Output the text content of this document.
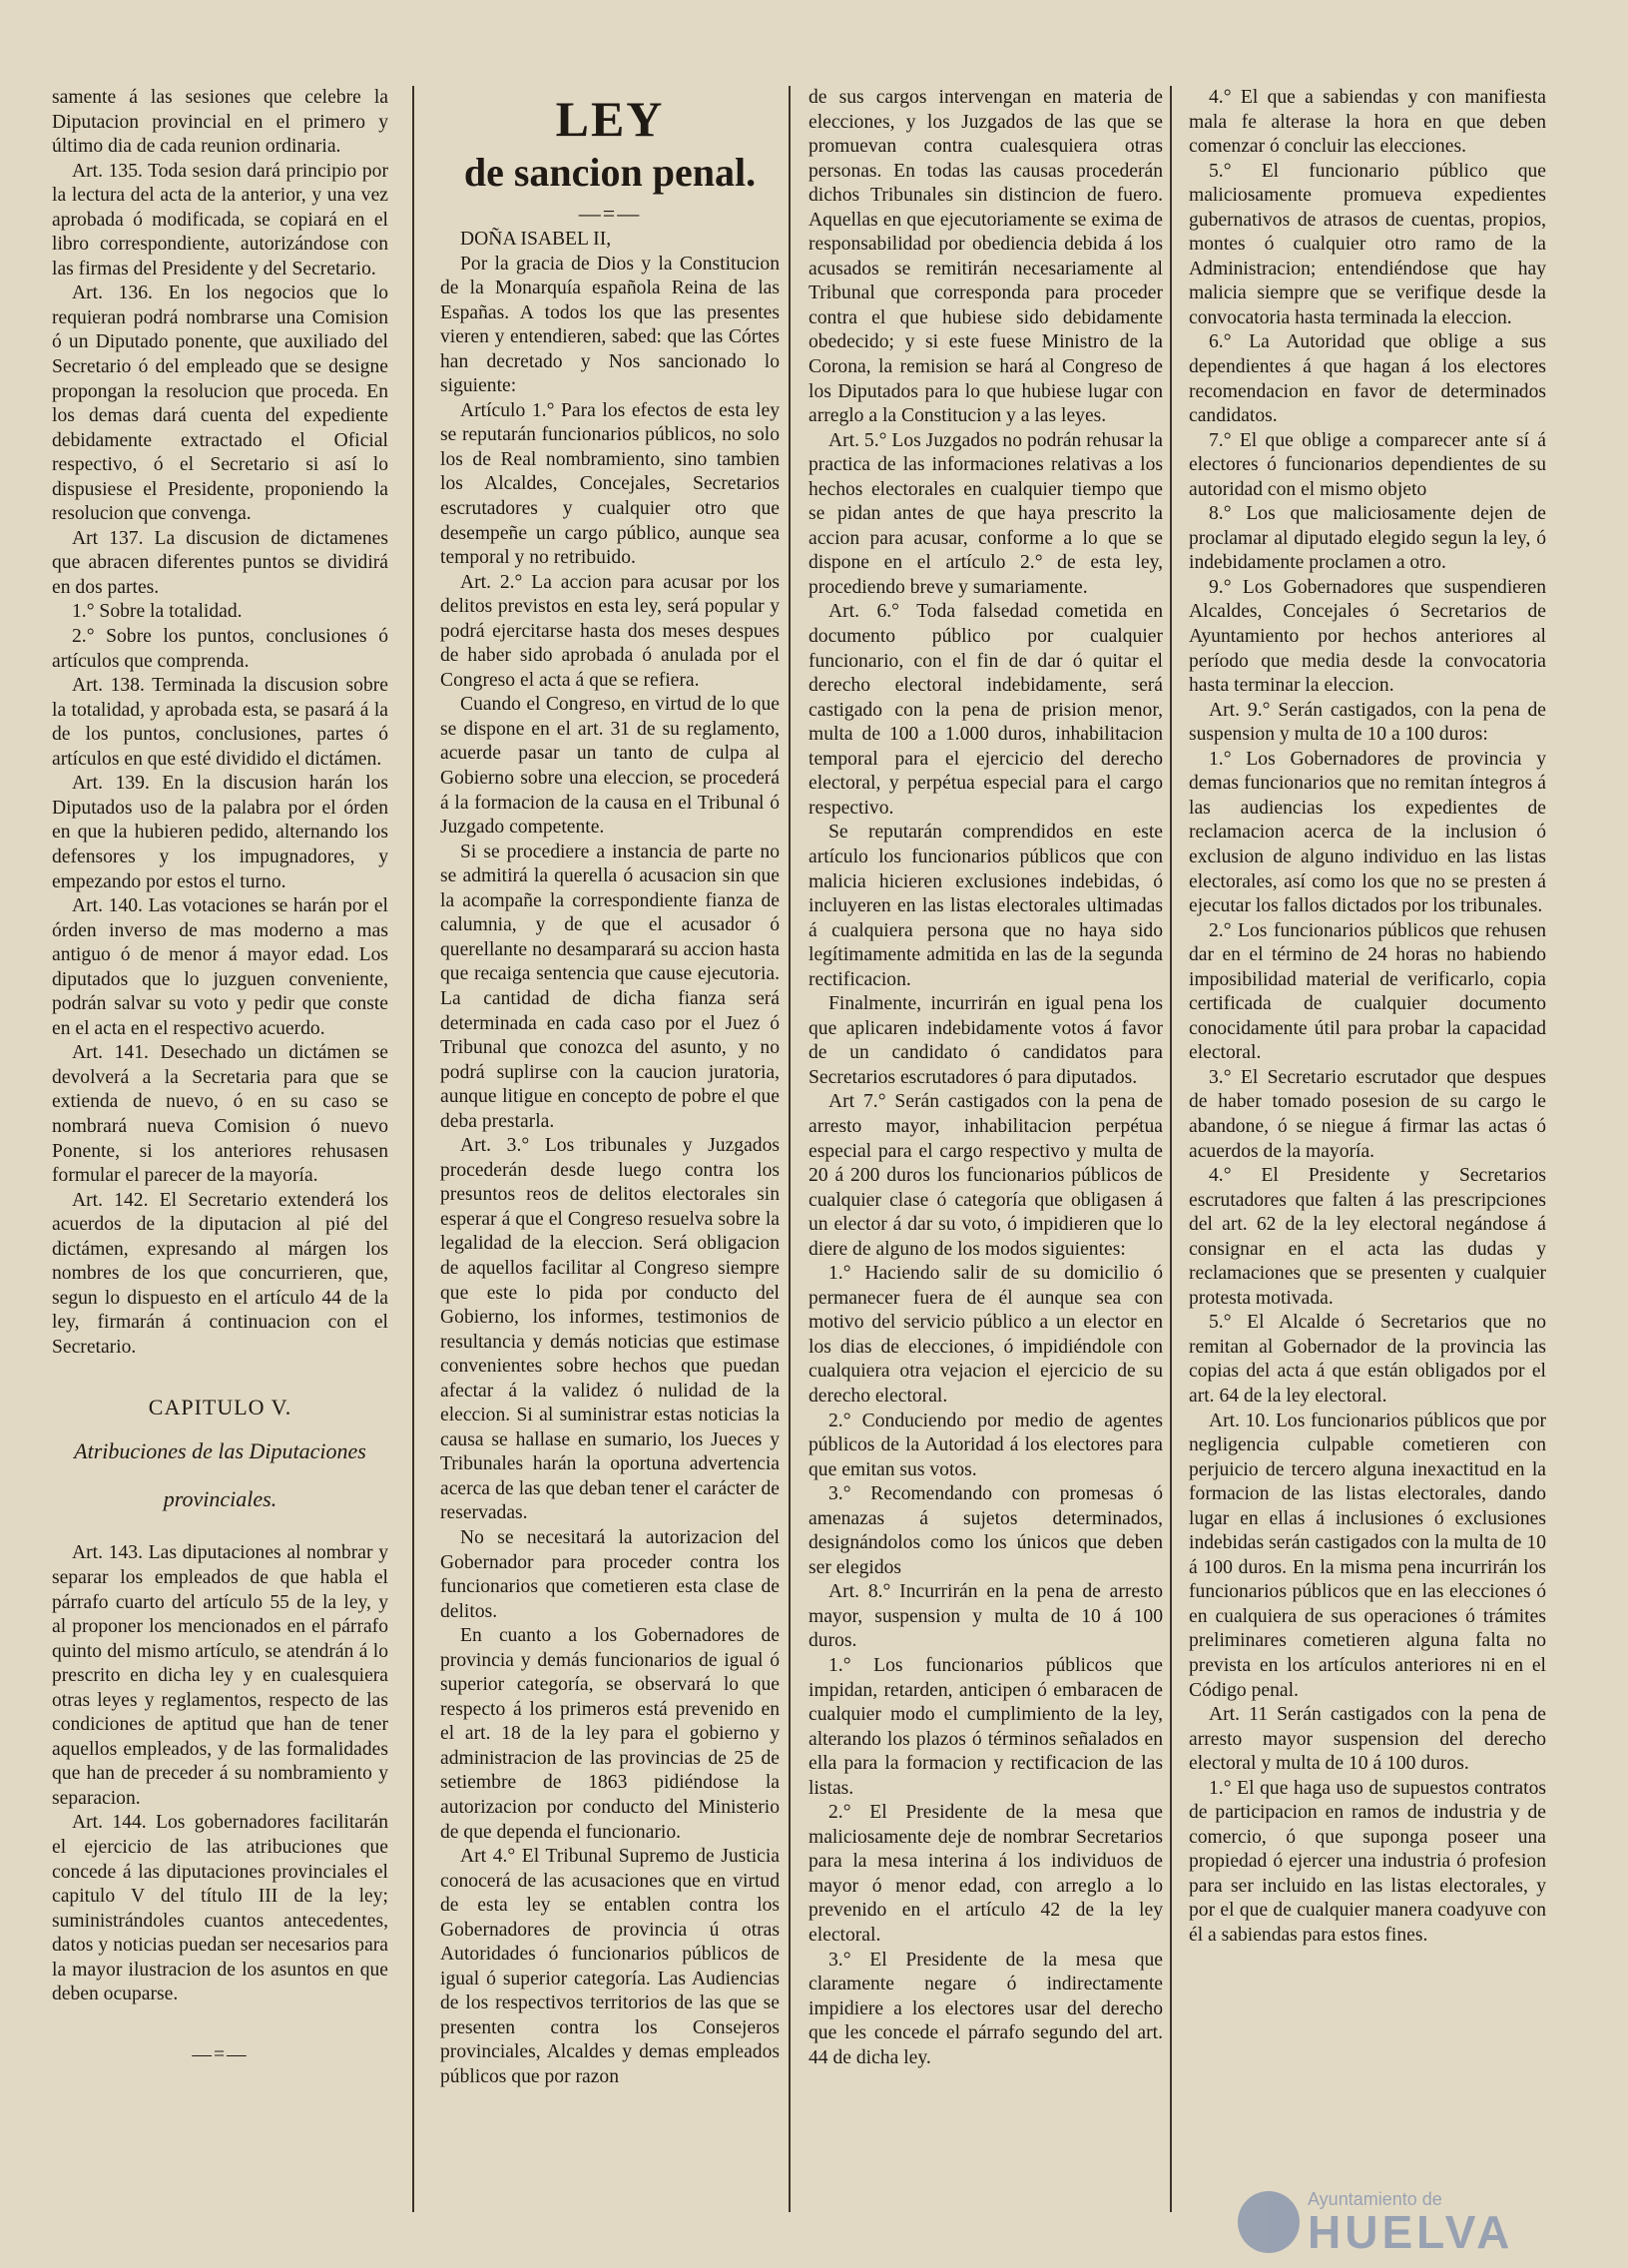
samente á las sesiones que celebre la Diputacion provincial en el primero y último dia de cada reunion ordinaria.

Art. 135. Toda sesion dará principio por la lectura del acta de la anterior, y una vez aprobada ó modificada, se copiará en el libro correspondiente, autorizándose con las firmas del Presidente y del Secretario.

Art. 136. En los negocios que lo requieran podrá nombrarse una Comision ó un Diputado ponente, que auxiliado del Secretario ó del empleado que se designe propongan la resolucion que proceda. En los demas dará cuenta del expediente debidamente extractado el Oficial respectivo, ó el Secretario si así lo dispusiese el Presidente, proponiendo la resolucion que convenga.

Art 137. La discusion de dictamenes que abracen diferentes puntos se dividirá en dos partes.

1.° Sobre la totalidad.

2.° Sobre los puntos, conclusiones ó artículos que comprenda.

Art. 138. Terminada la discusion sobre la totalidad, y aprobada esta, se pasará á la de los puntos, conclusiones, partes ó artículos en que esté dividido el dictámen.

Art. 139. En la discusion harán los Diputados uso de la palabra por el órden en que la hubieren pedido, alternando los defensores y los impugnadores, y empezando por estos el turno.

Art. 140. Las votaciones se harán por el órden inverso de mas moderno a mas antiguo ó de menor á mayor edad. Los diputados que lo juzguen conveniente, podrán salvar su voto y pedir que conste en el acta en el respectivo acuerdo.

Art. 141. Desechado un dictámen se devolverá a la Secretaria para que se extienda de nuevo, ó en su caso se nombrará nueva Comision ó nuevo Ponente, si los anteriores rehusasen formular el parecer de la mayoría.

Art. 142. El Secretario extenderá los acuerdos de la diputacion al pié del dictámen, expresando al márgen los nombres de los que concurrieren, que, segun lo dispuesto en el artículo 44 de la ley, firmarán á continuacion con el Secretario.

CAPITULO V.
Atribuciones de las Diputaciones
provinciales.

Art. 143. Las diputaciones al nombrar y separar los empleados de que habla el párrafo cuarto del artículo 55 de la ley, y al proponer los mencionados en el párrafo quinto del mismo artículo, se atendrán á lo prescrito en dicha ley y en cualesquiera otras leyes y reglamentos, respecto de las condiciones de aptitud que han de tener aquellos empleados, y de las formalidades que han de preceder á su nombramiento y separacion.

Art. 144. Los gobernadores facilitarán el ejercicio de las atribuciones que concede á las diputaciones provinciales el capitulo V del título III de la ley; suministrándoles cuantos antecedentes, datos y noticias puedan ser necesarios para la mayor ilustracion de los asuntos en que deben ocuparse.

—=—
LEY
de sancion penal.
—=—

DOÑA ISABEL II,

Por la gracia de Dios y la Constitucion de la Monarquía española Reina de las Españas. A todos los que las presentes vieren y entendieren, sabed: que las Córtes han decretado y Nos sancionado lo siguiente:

Artículo 1.° Para los efectos de esta ley se reputarán funcionarios públicos, no solo los de Real nombramiento, sino tambien los Alcaldes, Concejales, Secretarios escrutadores y cualquier otro que desempeñe un cargo público, aunque sea temporal y no retribuido.

Art. 2.° La accion para acusar por los delitos previstos en esta ley, será popular y podrá ejercitarse hasta dos meses despues de haber sido aprobada ó anulada por el Congreso el acta á que se refiera.

Cuando el Congreso, en virtud de lo que se dispone en el art. 31 de su reglamento, acuerde pasar un tanto de culpa al Gobierno sobre una eleccion, se procederá á la formacion de la causa en el Tribunal ó Juzgado competente.

Si se procediere a instancia de parte no se admitirá la querella ó acusacion sin que la acompañe la correspondiente fianza de calumnia, y de que el acusador ó querellante no desamparará su accion hasta que recaiga sentencia que cause ejecutoria. La cantidad de dicha fianza será determinada en cada caso por el Juez ó Tribunal que conozca del asunto, y no podrá suplirse con la caucion juratoria, aunque litigue en concepto de pobre el que deba prestarla.

Art. 3.° Los tribunales y Juzgados procederán desde luego contra los presuntos reos de delitos electorales sin esperar á que el Congreso resuelva sobre la legalidad de la eleccion. Será obligacion de aquellos facilitar al Congreso siempre que este lo pida por conducto del Gobierno, los informes, testimonios de resultancia y demás noticias que estimase convenientes sobre hechos que puedan afectar á la validez ó nulidad de la eleccion. Si al suministrar estas noticias la causa se hallase en sumario, los Jueces y Tribunales harán la oportuna advertencia acerca de las que deban tener el carácter de reservadas.

No se necesitará la autorizacion del Gobernador para proceder contra los funcionarios que cometieren esta clase de delitos.

En cuanto a los Gobernadores de provincia y demás funcionarios de igual ó superior categoría, se observará lo que respecto á los primeros está prevenido en el art. 18 de la ley para el gobierno y administracion de las provincias de 25 de setiembre de 1863 pidiéndose la autorizacion por conducto del Ministerio de que dependa el funcionario.

Art 4.° El Tribunal Supremo de Justicia conocerá de las acusaciones que en virtud de esta ley se entablen contra los Gobernadores de provincia ú otras Autoridades ó funcionarios públicos de igual ó superior categoría. Las Audiencias de los respectivos territorios de las que se presenten contra los Consejeros provinciales, Alcaldes y demas empleados públicos que por razon

de sus cargos intervengan en materia de elecciones, y los Juzgados de las que se promuevan contra cualesquiera otras personas. En todas las causas procederán dichos Tribunales sin distincion de fuero. Aquellas en que ejecutoriamente se exima de responsabilidad por obediencia debida á los acusados se remitirán necesariamente al Tribunal que corresponda para proceder contra el que hubiese sido debidamente obedecido; y si este fuese Ministro de la Corona, la remision se hará al Congreso de los Diputados para lo que hubiese lugar con arreglo a la Constitucion y a las leyes.

Art. 5.° Los Juzgados no podrán rehusar la practica de las informaciones relativas a los hechos electorales en cualquier tiempo que se pidan antes de que haya prescrito la accion para acusar, conforme a lo que se dispone en el artículo 2.° de esta ley, procediendo breve y sumariamente.

Art. 6.° Toda falsedad cometida en documento público por cualquier funcionario, con el fin de dar ó quitar el derecho electoral indebidamente, será castigado con la pena de prision menor, multa de 100 a 1.000 duros, inhabilitacion temporal para el ejercicio del derecho electoral, y perpétua especial para el cargo respectivo.

Se reputarán comprendidos en este artículo los funcionarios públicos que con malicia hicieren exclusiones indebidas, ó incluyeren en las listas electorales ultimadas á cualquiera persona que no haya sido legítimamente admitida en las de la segunda rectificacion.

Finalmente, incurrirán en igual pena los que aplicaren indebidamente votos á favor de un candidato ó candidatos para Secretarios escrutadores ó para diputados.

Art 7.° Serán castigados con la pena de arresto mayor, inhabilitacion perpétua especial para el cargo respectivo y multa de 20 á 200 duros los funcionarios públicos de cualquier clase ó categoría que obligasen á un elector á dar su voto, ó impidieren que lo diere de alguno de los modos siguientes:

1.° Haciendo salir de su domicilio ó permanecer fuera de él aunque sea con motivo del servicio público a un elector en los dias de elecciones, ó impidiéndole con cualquiera otra vejacion el ejercicio de su derecho electoral.

2.° Conduciendo por medio de agentes públicos de la Autoridad á los electores para que emitan sus votos.

3.° Recomendando con promesas ó amenazas á sujetos determinados, designándolos como los únicos que deben ser elegidos

Art. 8.° Incurrirán en la pena de arresto mayor, suspension y multa de 10 á 100 duros.

1.° Los funcionarios públicos que impidan, retarden, anticipen ó embaracen de cualquier modo el cumplimiento de la ley, alterando los plazos ó términos señalados en ella para la formacion y rectificacion de las listas.

2.° El Presidente de la mesa que maliciosamente deje de nombrar Secretarios para la mesa interina á los individuos de mayor ó menor edad, con arreglo a lo prevenido en el artículo 42 de la ley electoral.

3.° El Presidente de la mesa que claramente negare ó indirectamente impidiere a los electores usar del derecho que les concede el párrafo segundo del art. 44 de dicha ley.

4.° El que a sabiendas y con manifiesta mala fe alterase la hora en que deben comenzar ó concluir las elecciones.

5.° El funcionario público que maliciosamente promueva expedientes gubernativos de atrasos de cuentas, propios, montes ó cualquier otro ramo de la Administracion; entendiéndose que hay malicia siempre que se verifique desde la convocatoria hasta terminada la eleccion.

6.° La Autoridad que oblige a sus dependientes á que hagan á los electores recomendacion en favor de determinados candidatos.

7.° El que oblige a comparecer ante sí á electores ó funcionarios dependientes de su autoridad con el mismo objeto

8.° Los que maliciosamente dejen de proclamar al diputado elegido segun la ley, ó indebidamente proclamen a otro.

9.° Los Gobernadores que suspendieren Alcaldes, Concejales ó Secretarios de Ayuntamiento por hechos anteriores al período que media desde la convocatoria hasta terminar la eleccion.

Art. 9.° Serán castigados, con la pena de suspension y multa de 10 a 100 duros:

1.° Los Gobernadores de provincia y demas funcionarios que no remitan íntegros á las audiencias los expedientes de reclamacion acerca de la inclusion ó exclusion de alguno individuo en las listas electorales, así como los que no se presten á ejecutar los fallos dictados por los tribunales.

2.° Los funcionarios públicos que rehusen dar en el término de 24 horas no habiendo imposibilidad material de verificarlo, copia certificada de cualquier documento conocidamente útil para probar la capacidad electoral.

3.° El Secretario escrutador que despues de haber tomado posesion de su cargo le abandone, ó se niegue á firmar las actas ó acuerdos de la mayoría.

4.° El Presidente y Secretarios escrutadores que falten á las prescripciones del art. 62 de la ley electoral negándose á consignar en el acta las dudas y reclamaciones que se presenten y cualquier protesta motivada.

5.° El Alcalde ó Secretarios que no remitan al Gobernador de la provincia las copias del acta á que están obligados por el art. 64 de la ley electoral.

Art. 10. Los funcionarios públicos que por negligencia culpable cometieren con perjuicio de tercero alguna inexactitud en la formacion de las listas electorales, dando lugar en ellas á inclusiones ó exclusiones indebidas serán castigados con la multa de 10 á 100 duros. En la misma pena incurrirán los funcionarios públicos que en las elecciones ó en cualquiera de sus operaciones ó trámites preliminares cometieren alguna falta no prevista en los artículos anteriores ni en el Código penal.

Art. 11 Serán castigados con la pena de arresto mayor suspension del derecho electoral y multa de 10 á 100 duros.

1.° El que haga uso de supuestos contratos de participacion en ramos de industria y de comercio, ó que suponga poseer una propiedad ó ejercer una industria ó profesion para ser incluido en las listas electorales, y por el que de cualquier manera coadyuve con él a sabiendas para estos fines.

Ayuntamiento de
HUELVA
